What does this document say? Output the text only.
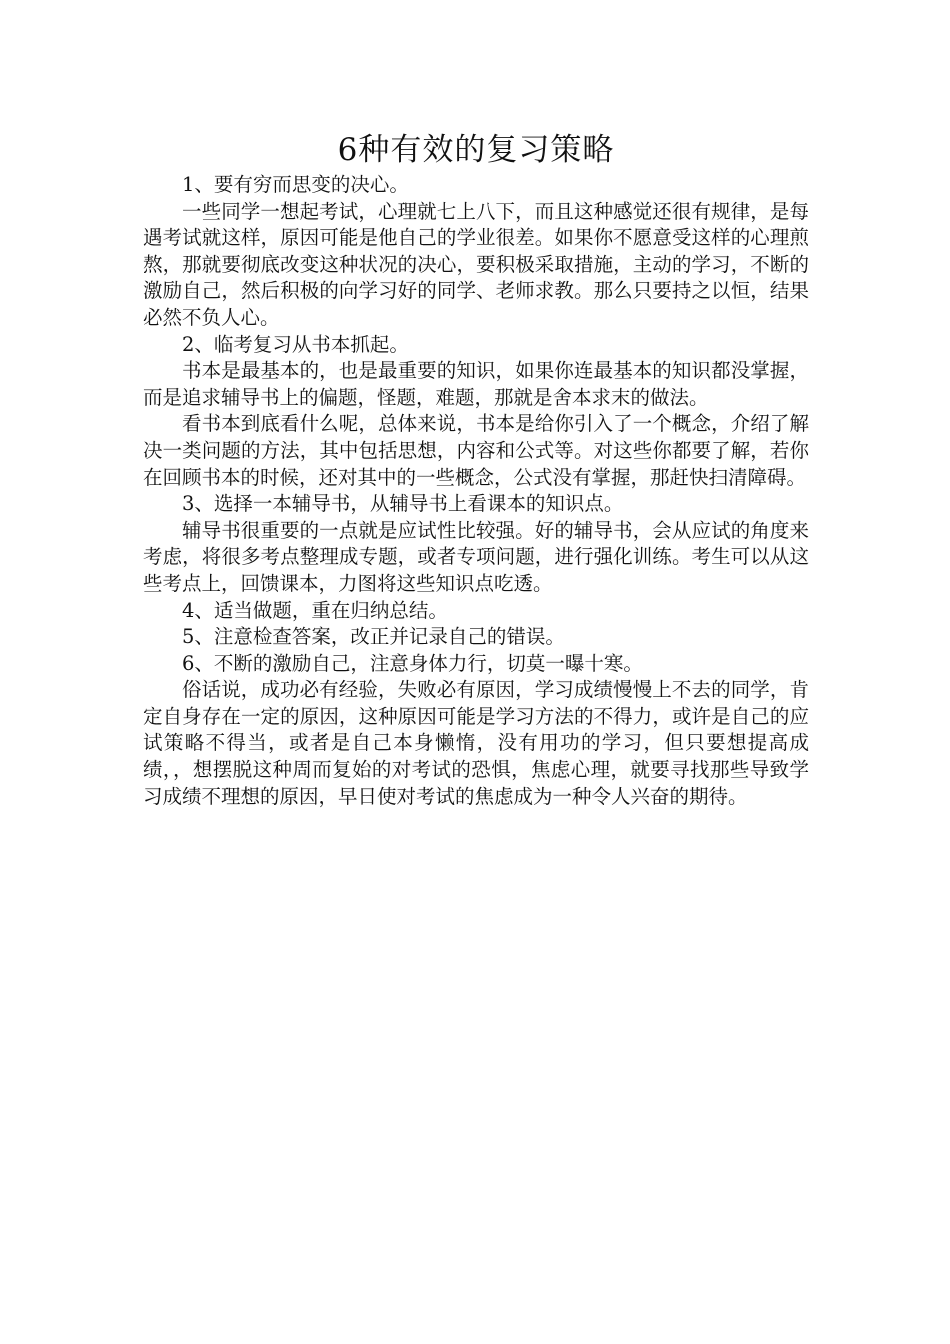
6种有效的复习策略

1、要有穷而思变的决心。

一些同学一想起考试，心理就七上八下，而且这种感觉还很有规律，是每遇考试就这样，原因可能是他自己的学业很差。如果你不愿意受这样的心理煎熬，那就要彻底改变这种状况的决心，要积极采取措施，主动的学习，不断的激励自己，然后积极的向学习好的同学、老师求教。那么只要持之以恒，结果必然不负人心。

2、临考复习从书本抓起。

书本是最基本的，也是最重要的知识，如果你连最基本的知识都没掌握，而是追求辅导书上的偏题，怪题，难题，那就是舍本求末的做法。

看书本到底看什么呢，总体来说，书本是给你引入了一个概念，介绍了解决一类问题的方法，其中包括思想，内容和公式等。对这些你都要了解，若你在回顾书本的时候，还对其中的一些概念，公式没有掌握，那赶快扫清障碍。

3、选择一本辅导书，从辅导书上看课本的知识点。

辅导书很重要的一点就是应试性比较强。好的辅导书，会从应试的角度来考虑，将很多考点整理成专题，或者专项问题，进行强化训练。考生可以从这些考点上，回馈课本，力图将这些知识点吃透。

4、适当做题，重在归纳总结。

5、注意检查答案，改正并记录自己的错误。

6、不断的激励自己，注意身体力行，切莫一曝十寒。

俗话说，成功必有经验，失败必有原因，学习成绩慢慢上不去的同学，肯定自身存在一定的原因，这种原因可能是学习方法的不得力，或许是自己的应试策略不得当，或者是自己本身懒惰，没有用功的学习，但只要想提高成绩，，想摆脱这种周而复始的对考试的恐惧，焦虑心理，就要寻找那些导致学习成绩不理想的原因，早日使对考试的焦虑成为一种令人兴奋的期待。
